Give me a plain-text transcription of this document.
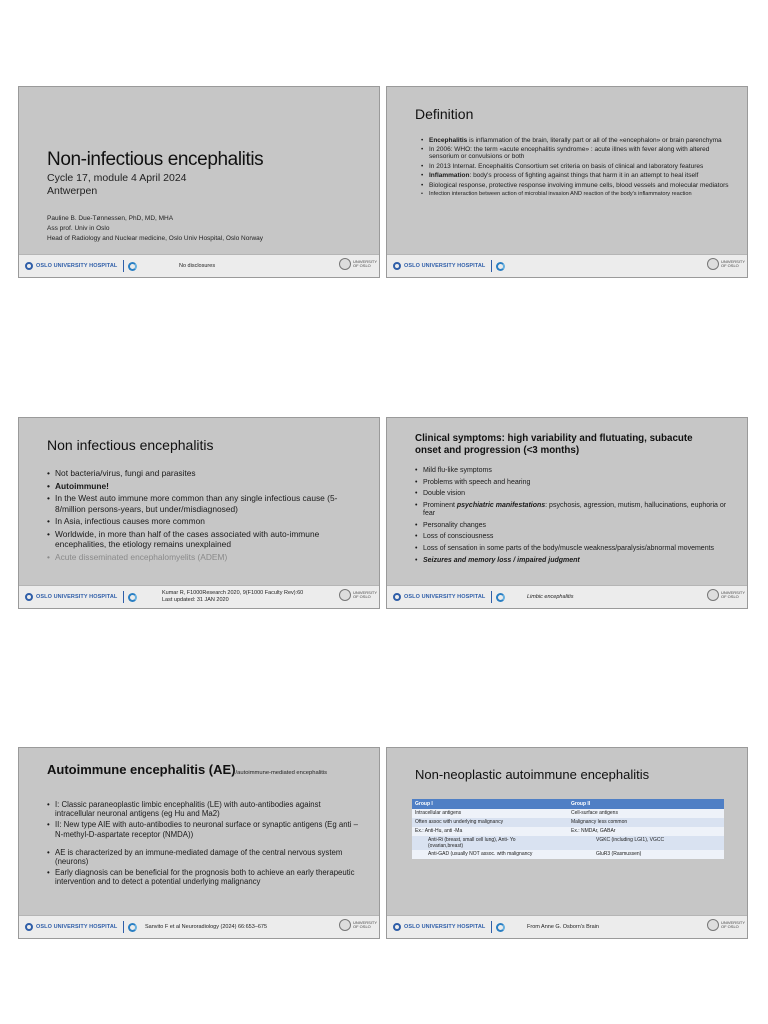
Non-infectious encephalitis
Cycle 17, module 4 April 2024
Antwerpen
Pauline B. Due-Tønnessen, PhD, MD, MHA
Ass prof. Univ in Oslo
Head of Radiology and Nuclear medicine, Oslo Univ Hospital, Oslo Norway
OSLO UNIVERSITY HOSPITAL	No disclosures
UNIVERSITY OF OSLO
Definition
• Encephalitis is inflammation of the brain, literally part or all of the «encephalon» or brain parenchyma
• In 2006: WHO: the term «acute encephalitis syndrome» : acute illnes with fever along with altered sensorium or convulsions or both
• In 2013 Internat. Encephalitis Consortium set criteria on basis of clinical and laboratory features
• Inflammation: body's process of fighting against things that harm it in an attempt to heal itself
• Biological response, protective response involving immune cells, blood vessels and molecular mediators
• Infection interaction between action of microbial invasion AND reaction of the body's inflammatory reaction
OSLO UNIVERSITY HOSPITAL
UNIVERSITY OF OSLO
Non infectious encephalitis
• Not bacteria/virus, fungi and parasites
• Autoimmune!
• In the West auto immune more common than any single infectious cause (5-8/million persons-years, but under/misdiagnosed)
• In Asia, infectious causes more common
• Worldwide, in more than half of the cases associated with auto-immune encephalities, the etiology remains unexplained
• Acute disseminated encephalomyelits (ADEM)
OSLO UNIVERSITY HOSPITAL
Kumar R, F1000Research 2020, 9(F1000 Faculty Rev):60
Last updated: 31 JAN 2020
UNIVERSITY OF OSLO
Clinical symptoms: high variability and flutuating, subacute onset and progression (<3 months)
• Mild flu-like symptoms
• Problems with speech and hearing
• Double vision
• Prominent psychiatric manifestations: psychosis, agression, mutism, hallucinations, euphoria or fear
• Personality changes
• Loss of consciousness
• Loss of sensation in some parts of the body/muscle weakness/paralysis/abnormal movements
• Seizures and memory loss / impaired judgment
OSLO UNIVERSITY HOSPITAL	Limbic encephalitis
UNIVERSITY OF OSLO
Autoimmune encephalitis (AE)/autoimmune-mediated encephalitis
• I: Classic paraneoplastic limbic encephalitis (LE) with auto-antibodies against intracellular neuronal antigens (eg Hu and Ma2)
• II: New type AIE with auto-antibodies to neuronal surface or synaptic antigens (Eg anti –N-methyl-D-aspartate receptor (NMDA))
• AE is characterized by an immune-mediated damage of the central nervous system (neurons)
• Early diagnosis can be beneficial for the prognosis both to achieve an early therapeutic intervention and to detect a potential underlying malignancy
OSLO UNIVERSITY HOSPITAL	Sanvito F et al Neuroradiology (2024) 66:653–675
UNIVERSITY OF OSLO
Non-neoplastic autoimmune encephalitis
Group I	Group II
Intracellular antigens	Cell-surface antigens
Often assoc with underlying malignancy	Malignancy less common
Ex.: Anti-Hu, anti -Ma	Ex.: NMDAr, GABAr
Anti-Ri (breast, small cell lung), Anti- Yo (ovarian,breast)	VGKC (including LGI1), VGCC
Anti-GAD (usually NOT assoc. with malignancy	GluR3 (Rasmussen)
OSLO UNIVERSITY HOSPITAL	From Anne G. Osborn's Brain
UNIVERSITY OF OSLO
